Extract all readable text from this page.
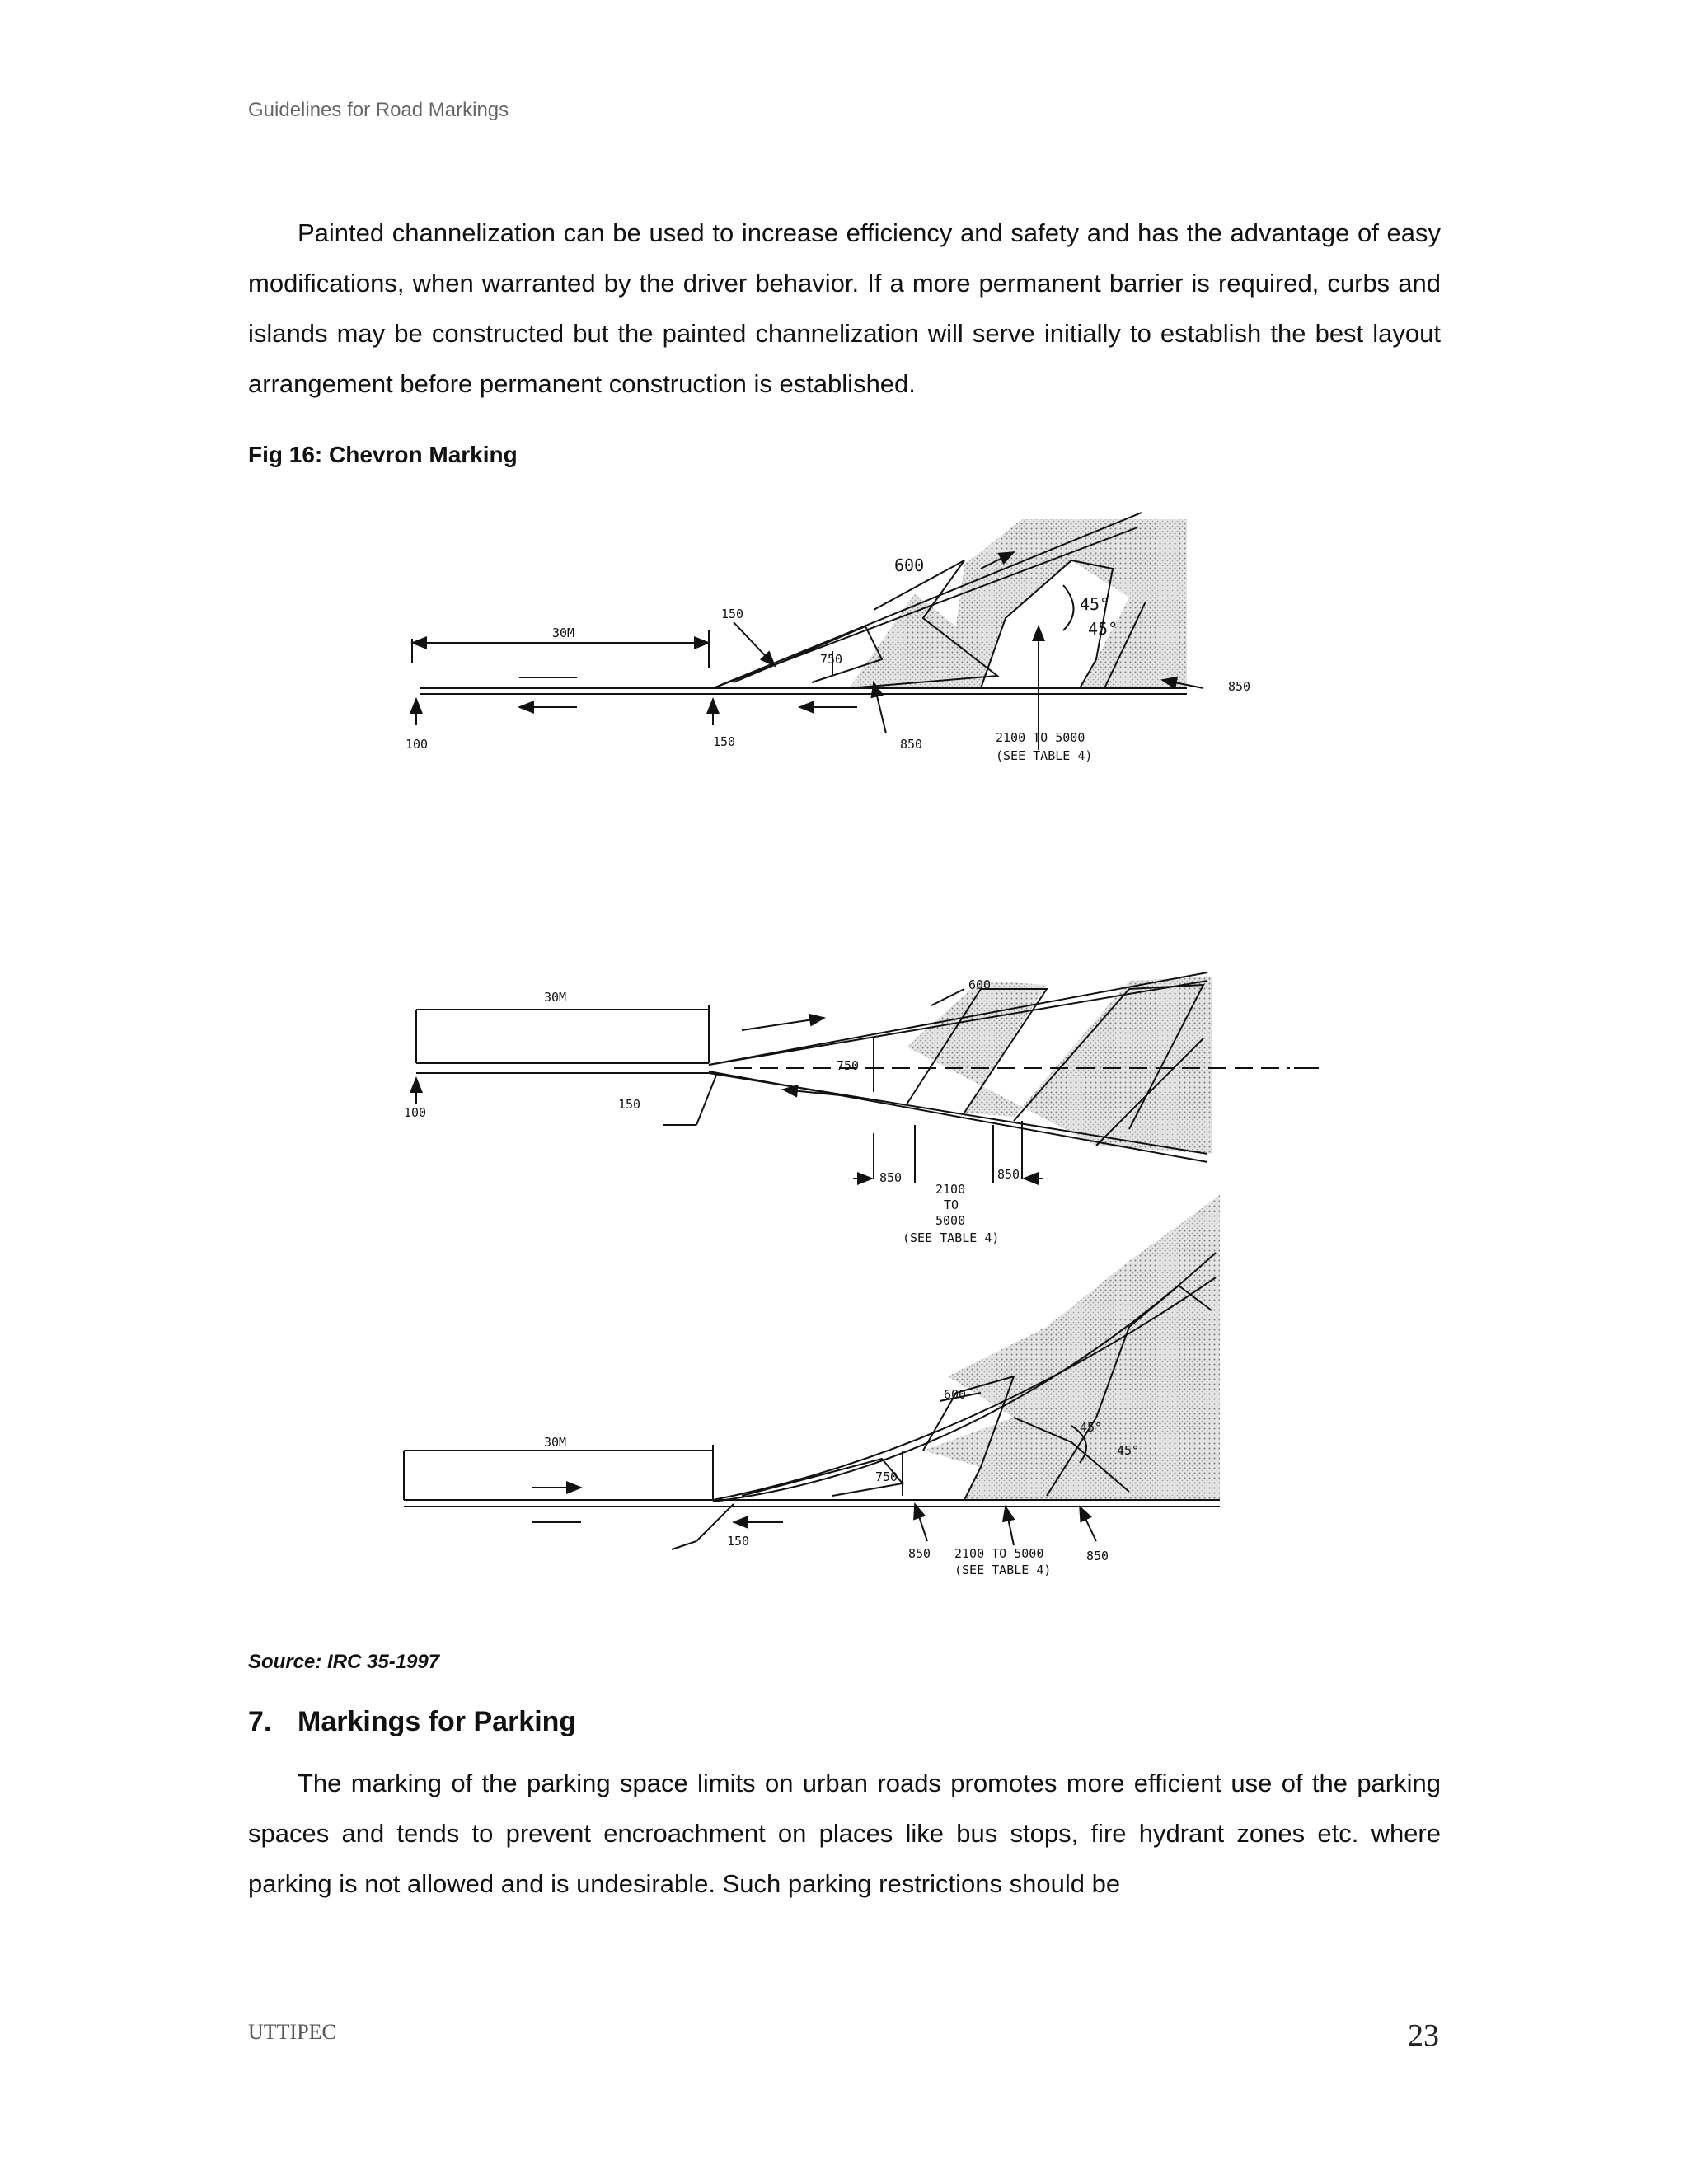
Guidelines for Road Markings

Painted channelization can be used to increase efficiency and safety and has the advantage of easy modifications, when warranted by the driver behavior. If a more permanent barrier is required, curbs and islands may be constructed but the painted channelization will serve initially to establish the best layout arrangement before permanent construction is established.

Fig 16: Chevron Marking
30M
150
600
750
850
850
150
100
45°
45°
2100 TO 5000
(SEE TABLE 4)
30M
600
750
150
100
850	850
2100
TO
5000
(SEE TABLE 4)
30M
600
750
150
850	850
45°
45°
2100 TO 5000
(SEE TABLE 4)
Source: IRC 35-1997
7. Markings for Parking

The marking of the parking space limits on urban roads promotes more efficient use of the parking spaces and tends to prevent encroachment on places like bus stops, fire hydrant zones etc. where parking is not allowed and is undesirable. Such parking restrictions should be

UTTIPEC	23
